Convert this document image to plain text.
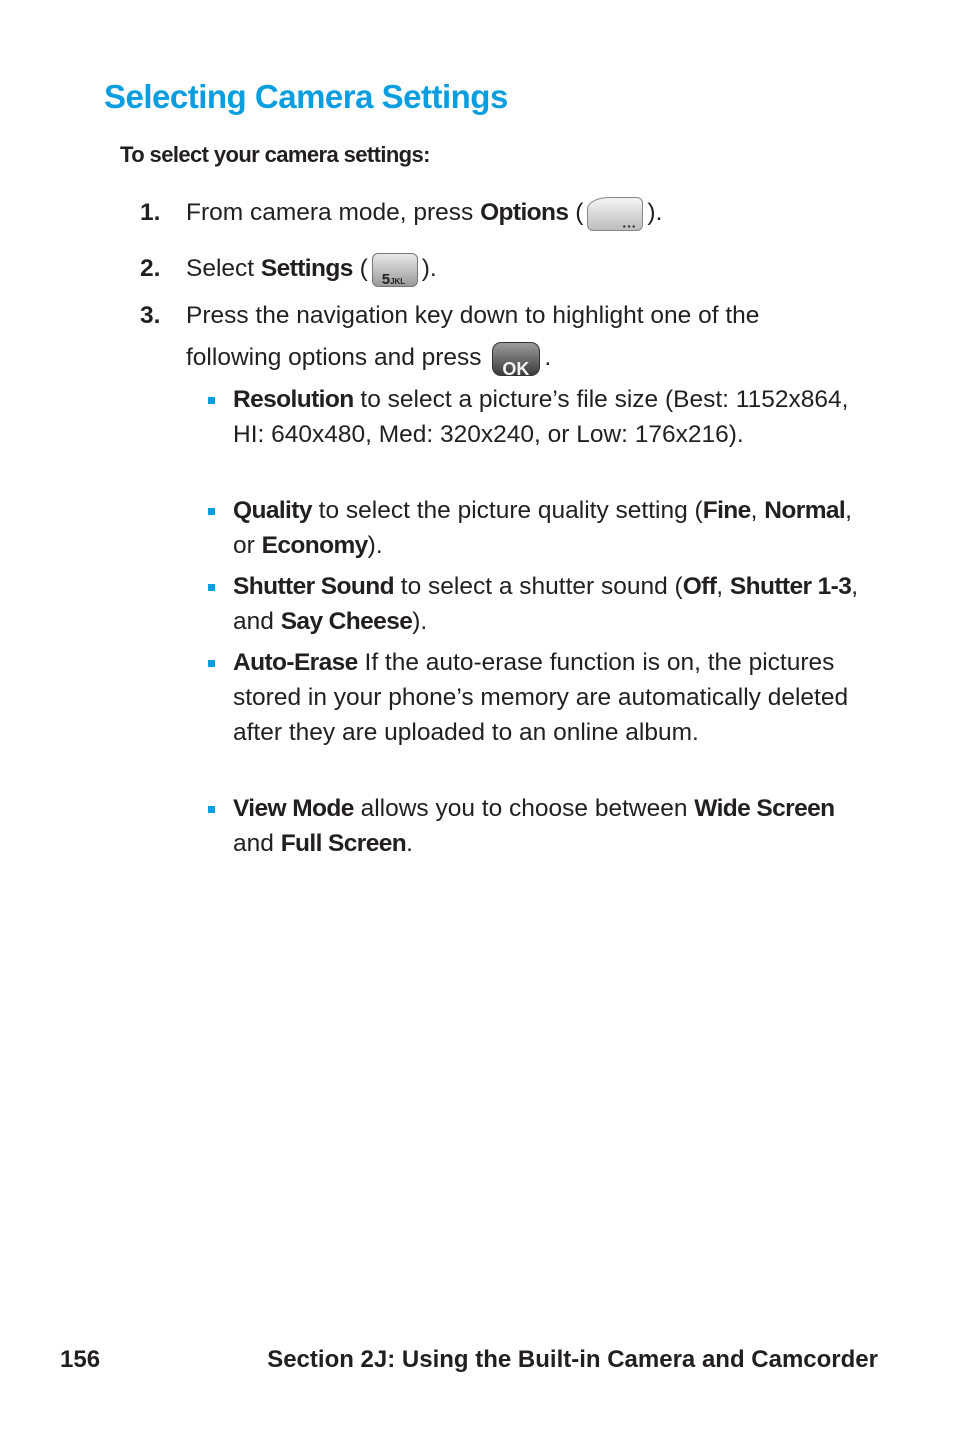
Selecting Camera Settings
To select your camera settings:
1. From camera mode, press Options (	··· ).
2. Select Settings ( 5JKL ).
3. Press the navigation key down to highlight one of the
following options and press OK .
Resolution to select a picture’s file size (Best: 1152x864, HI: 640x480, Med: 320x240, or Low: 176x216).
Quality to select the picture quality setting (Fine, Normal, or Economy).
Shutter Sound to select a shutter sound (Off, Shutter 1-3, and Say Cheese).
Auto-Erase If the auto-erase function is on, the pictures stored in your phone’s memory are automatically deleted after they are uploaded to an online album.
View Mode allows you to choose between Wide Screen and Full Screen.
156	Section 2J: Using the Built-in Camera and Camcorder
